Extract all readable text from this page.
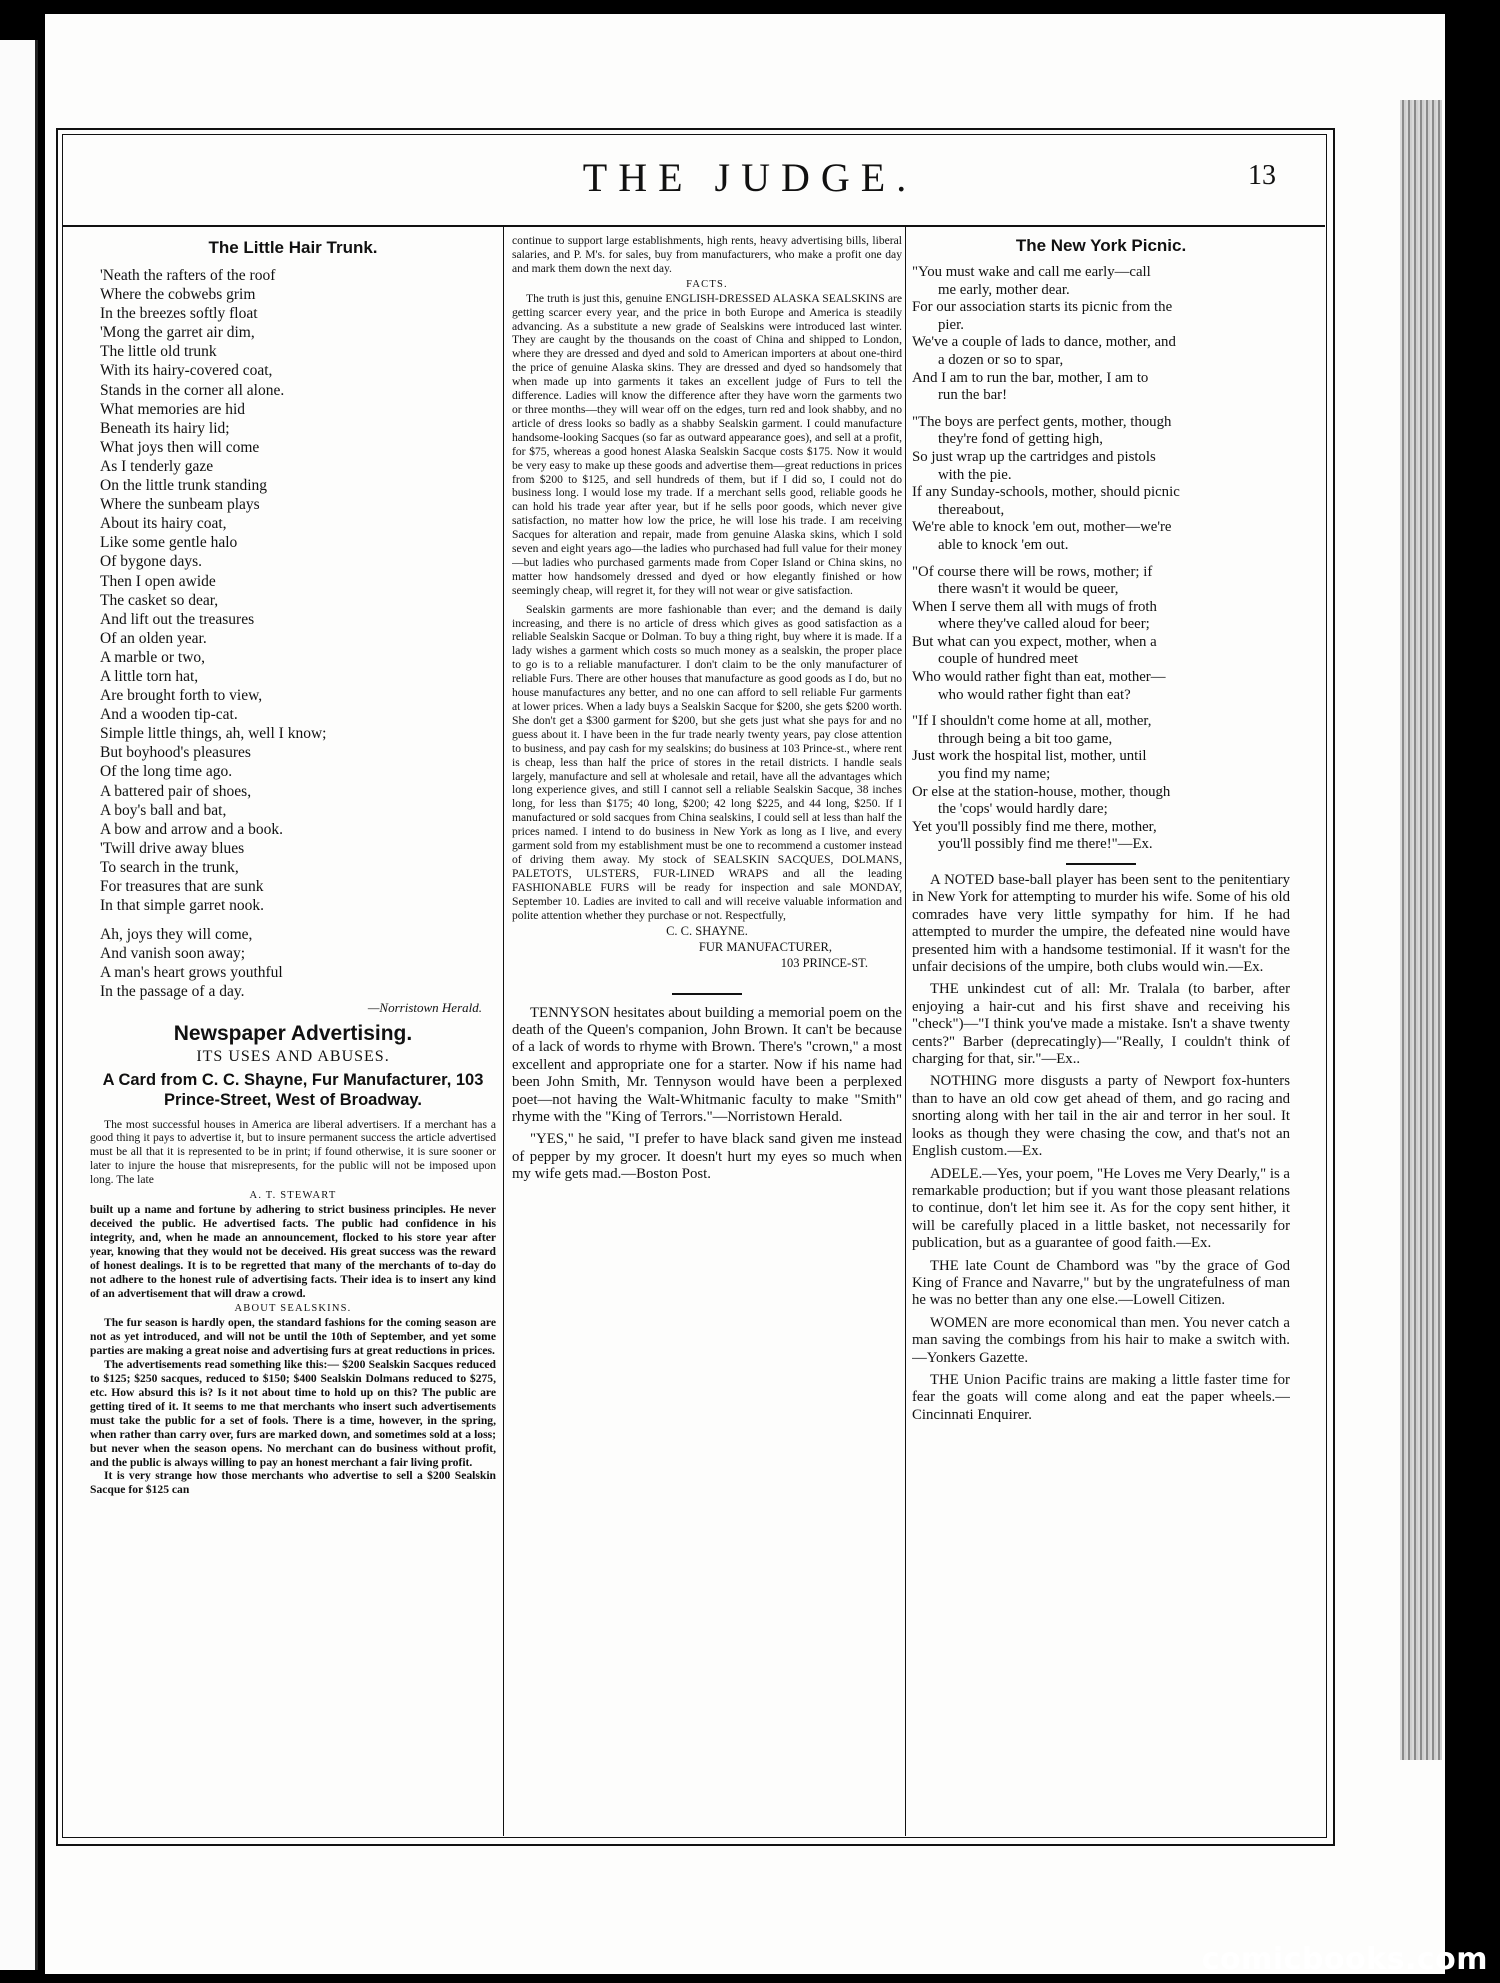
THE JUDGE.	13
The Little Hair Trunk.
'Neath the rafters of the roof
Where the cobwebs grim
In the breezes softly float
'Mong the garret air dim,
The little old trunk
With its hairy-covered coat,
Stands in the corner all alone.
What memories are hid
Beneath its hairy lid;
What joys then will come
As I tenderly gaze
On the little trunk standing
Where the sunbeam plays
About its hairy coat,
Like some gentle halo
Of bygone days.
Then I open awide
The casket so dear,
And lift out the treasures
Of an olden year.
A marble or two,
A little torn hat,
Are brought forth to view,
And a wooden tip-cat.
Simple little things, ah, well I know;
But boyhood's pleasures
Of the long time ago.
A battered pair of shoes,
A boy's ball and bat,
A bow and arrow and a book.
'Twill drive away blues
To search in the trunk,
For treasures that are sunk
In that simple garret nook.
Ah, joys they will come,
And vanish soon away;
A man's heart grows youthful
In the passage of a day.
—Norristown Herald.
Newspaper Advertising.
ITS USES AND ABUSES.
A Card from C. C. Shayne, Fur Manufacturer, 103 Prince-Street, West of Broadway.

The most successful houses in America are liberal advertisers. If a merchant has a good thing it pays to advertise it, but to insure permanent success the article advertised must be all that it is represented to be in print; if found otherwise, it is sure sooner or later to injure the house that misrepresents, for the public will not be imposed upon long. The late

A. T. STEWART

built up a name and fortune by adhering to strict business principles. He never deceived the public. He advertised facts. The public had confidence in his integrity, and, when he made an announcement, flocked to his store year after year, knowing that they would not be deceived. His great success was the reward of honest dealings. It is to be regretted that many of the merchants of to-day do not adhere to the honest rule of advertising facts. Their idea is to insert any kind of an advertisement that will draw a crowd.

ABOUT SEALSKINS.

The fur season is hardly open, the standard fashions for the coming season are not as yet introduced, and will not be until the 10th of September, and yet some parties are making a great noise and advertising furs at great reductions in prices.

The advertisements read something like this:— $200 Sealskin Sacques reduced to $125; $250 sacques, reduced to $150; $400 Sealskin Dolmans reduced to $275, etc. How absurd this is? Is it not about time to hold up on this? The public are getting tired of it. It seems to me that merchants who insert such advertisements must take the public for a set of fools. There is a time, however, in the spring, when rather than carry over, furs are marked down, and sometimes sold at a loss; but never when the season opens. No merchant can do business without profit, and the public is always willing to pay an honest merchant a fair living profit.

It is very strange how those merchants who advertise to sell a $200 Sealskin Sacque for $125 can

continue to support large establishments, high rents, heavy advertising bills, liberal salaries, and P. M's. for sales, buy from manufacturers, who make a profit one day and mark them down the next day.

FACTS.

The truth is just this, genuine ENGLISH-DRESSED ALASKA SEALSKINS are getting scarcer every year, and the price in both Europe and America is steadily advancing. As a substitute a new grade of Sealskins were introduced last winter. They are caught by the thousands on the coast of China and shipped to London, where they are dressed and dyed and sold to American importers at about one-third the price of genuine Alaska skins. They are dressed and dyed so handsomely that when made up into garments it takes an excellent judge of Furs to tell the difference. Ladies will know the difference after they have worn the garments two or three months—they will wear off on the edges, turn red and look shabby, and no article of dress looks so badly as a shabby Sealskin garment. I could manufacture handsome-looking Sacques (so far as outward appearance goes), and sell at a profit, for $75, whereas a good honest Alaska Sealskin Sacque costs $175. Now it would be very easy to make up these goods and advertise them—great reductions in prices from $200 to $125, and sell hundreds of them, but if I did so, I could not do business long. I would lose my trade. If a merchant sells good, reliable goods he can hold his trade year after year, but if he sells poor goods, which never give satisfaction, no matter how low the price, he will lose his trade. I am receiving Sacques for alteration and repair, made from genuine Alaska skins, which I sold seven and eight years ago—the ladies who purchased had full value for their money—but ladies who purchased garments made from Coper Island or China skins, no matter how handsomely dressed and dyed or how elegantly finished or how seemingly cheap, will regret it, for they will not wear or give satisfaction.

Sealskin garments are more fashionable than ever; and the demand is daily increasing, and there is no article of dress which gives as good satisfaction as a reliable Sealskin Sacque or Dolman. To buy a thing right, buy where it is made. If a lady wishes a garment which costs so much money as a sealskin, the proper place to go is to a reliable manufacturer. I don't claim to be the only manufacturer of reliable Furs. There are other houses that manufacture as good goods as I do, but no house manufactures any better, and no one can afford to sell reliable Fur garments at lower prices. When a lady buys a Sealskin Sacque for $200, she gets $200 worth. She don't get a $300 garment for $200, but she gets just what she pays for and no guess about it. I have been in the fur trade nearly twenty years, pay close attention to business, and pay cash for my sealskins; do business at 103 Prince-st., where rent is cheap, less than half the price of stores in the retail districts. I handle seals largely, manufacture and sell at wholesale and retail, have all the advantages which long experience gives, and still I cannot sell a reliable Sealskin Sacque, 38 inches long, for less than $175; 40 long, $200; 42 long $225, and 44 long, $250. If I manufactured or sold sacques from China sealskins, I could sell at less than half the prices named. I intend to do business in New York as long as I live, and every garment sold from my establishment must be one to recommend a customer instead of driving them away. My stock of SEALSKIN SACQUES, DOLMANS, PALETOTS, ULSTERS, FUR-LINED WRAPS and all the leading FASHIONABLE FURS will be ready for inspection and sale MONDAY, September 10. Ladies are invited to call and will receive valuable information and polite attention whether they purchase or not. Respectfully,

C. C. SHAYNE.
FUR MANUFACTURER,
103 PRINCE-ST.

TENNYSON hesitates about building a memorial poem on the death of the Queen's companion, John Brown. It can't be because of a lack of words to rhyme with Brown. There's "crown," a most excellent and appropriate one for a starter. Now if his name had been John Smith, Mr. Tennyson would have been a perplexed poet—not having the Walt-Whitmanic faculty to make "Smith" rhyme with the "King of Terrors."—Norristown Herald.

"YES," he said, "I prefer to have black sand given me instead of pepper by my grocer. It doesn't hurt my eyes so much when my wife gets mad.—Boston Post.

The New York Picnic.
"You must wake and call me early—call
me early, mother dear.
For our association starts its picnic from the
pier.
We've a couple of lads to dance, mother, and
a dozen or so to spar,
And I am to run the bar, mother, I am to
run the bar!
"The boys are perfect gents, mother, though
they're fond of getting high,
So just wrap up the cartridges and pistols
with the pie.
If any Sunday-schools, mother, should picnic
thereabout,
We're able to knock 'em out, mother—we're
able to knock 'em out.
"Of course there will be rows, mother; if
there wasn't it would be queer,
When I serve them all with mugs of froth
where they've called aloud for beer;
But what can you expect, mother, when a
couple of hundred meet
Who would rather fight than eat, mother—
who would rather fight than eat?
"If I shouldn't come home at all, mother,
through being a bit too game,
Just work the hospital list, mother, until
you find my name;
Or else at the station-house, mother, though
the 'cops' would hardly dare;
Yet you'll possibly find me there, mother,
you'll possibly find me there!"—Ex.

A NOTED base-ball player has been sent to the penitentiary in New York for attempting to murder his wife. Some of his old comrades have very little sympathy for him. If he had attempted to murder the umpire, the defeated nine would have presented him with a handsome testimonial. If it wasn't for the unfair decisions of the umpire, both clubs would win.—Ex.

THE unkindest cut of all: Mr. Tralala (to barber, after enjoying a hair-cut and his first shave and receiving his "check")—"I think you've made a mistake. Isn't a shave twenty cents?" Barber (deprecatingly)—"Really, I couldn't think of charging for that, sir."—Ex..

NOTHING more disgusts a party of Newport fox-hunters than to have an old cow get ahead of them, and go racing and snorting along with her tail in the air and terror in her soul. It looks as though they were chasing the cow, and that's not an English custom.—Ex.

ADELE.—Yes, your poem, "He Loves me Very Dearly," is a remarkable production; but if you want those pleasant relations to continue, don't let him see it. As for the copy sent hither, it will be carefully placed in a little basket, not necessarily for publication, but as a guarantee of good faith.—Ex.

THE late Count de Chambord was "by the grace of God King of France and Navarre," but by the ungratefulness of man he was no better than any one else.—Lowell Citizen.

WOMEN are more economical than men. You never catch a man saving the combings from his hair to make a switch with.—Yonkers Gazette.

THE Union Pacific trains are making a little faster time for fear the goats will come along and eat the paper wheels.—Cincinnati Enquirer.

comicbooks.com
